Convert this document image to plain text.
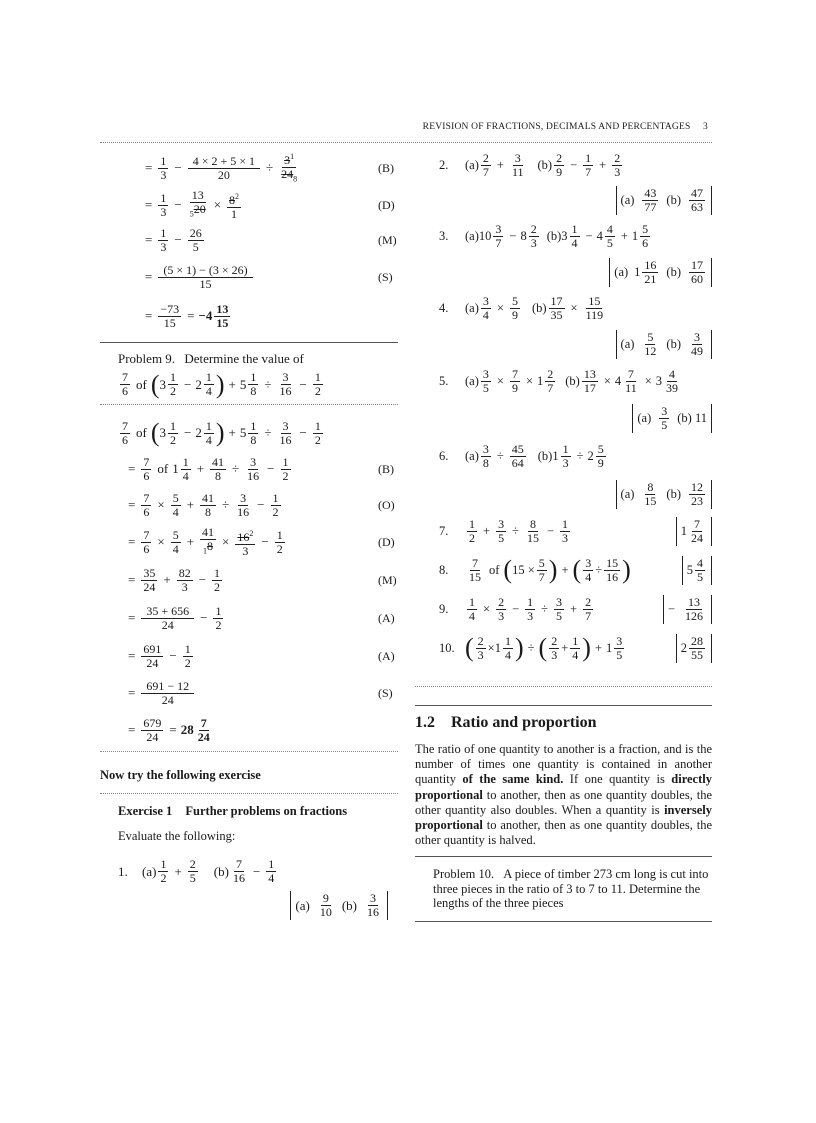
REVISION OF FRACTIONS, DECIMALS AND PERCENTAGES 3
= $\frac{1}{3} - \frac{4 \times 2 + 5 \times 1}{20} \div \frac{3^1}{24_8}$	(B)
= $\frac{1}{3} - \frac{13}{_520} \times \frac{8^2}{1}$	(D)
= $\frac{1}{3} - \frac{26}{5}$	(M)
= $\frac{(5 \times 1) - (3 \times 26)}{15}$	(S)
= $\frac{-73}{15} = -4 \frac{13}{15}$
Problem 9. Determine the value of
$\frac{7}{6}$ of ( $3 \frac{1}{2} - 2 \frac{1}{4}$ ) + $5 \frac{1}{8} \div \frac{3}{16} - \frac{1}{2}$
$\frac{7}{6}$ of ( $3 \frac{1}{2} - 2 \frac{1}{4}$ ) + $5 \frac{1}{8} \div \frac{3}{16} - \frac{1}{2}$
= $\frac{7}{6}$ of $1 \frac{1}{4} + \frac{41}{8} \div \frac{3}{16} - \frac{1}{2}$	(B)
= $\frac{7}{6} \times \frac{5}{4} + \frac{41}{8} \div \frac{3}{16} - \frac{1}{2}$	(O)
= $\frac{7}{6} \times \frac{5}{4} + \frac{41}{_18} \times \frac{16^2}{3} - \frac{1}{2}$	(D)
= $\frac{35}{24} + \frac{82}{3} - \frac{1}{2}$	(M)
= $\frac{35 + 656}{24} - \frac{1}{2}$	(A)
= $\frac{691}{24} - \frac{1}{2}$	(A)
= $\frac{691 - 12}{24}$	(S)
= $\frac{679}{24} = 28 \frac{7}{24}$
Now try the following exercise
Exercise 1 Further problems on fractions
Evaluate the following:
1.	$(a) \frac{1}{2} + \frac{2}{5} (b) \frac{7}{16} - \frac{1}{4}$
$(a) \frac{9}{10} (b) \frac{3}{16}$
2.	$(a) \frac{2}{7} + \frac{3}{11} (b) \frac{2}{9} - \frac{1}{7} + \frac{2}{3}$
$(a) \frac{43}{77} (b) \frac{47}{63}$
3.	(a) $10 \frac{3}{7} - 8 \frac{2}{3} (b)$ $3 \frac{1}{4} - 4 \frac{4}{5} + 1 \frac{5}{6}$
(a) $1 \frac{16}{21} (b) \frac{17}{60}$
4.	$(a) \frac{3}{4} \times \frac{5}{9} (b) \frac{17}{35} \times \frac{15}{119}$
$(a) \frac{5}{12} (b) \frac{3}{49}$
5.	$(a) \frac{3}{5} \times \frac{7}{9} \times 1 \frac{2}{7} (b) \frac{13}{17} \times 4 \frac{7}{11} \times 3 \frac{4}{39}$
$(a) \frac{3}{5} (b)$ 11
6.	$(a) \frac{3}{8} \div \frac{45}{64} (b)$ $1 \frac{1}{3} \div 2 \frac{5}{9}$
$(a) \frac{8}{15} (b) \frac{12}{23}$
7.	$\frac{1}{2} + \frac{3}{5} \div \frac{8}{15} - \frac{1}{3}$	$1 \frac{7}{24}$
8.	$\frac{7}{15}$ of ( $15 \times \frac{5}{7}$ ) + ( $\frac{3}{4} \div \frac{15}{16}$ )	$5 \frac{4}{5}$
9.	$\frac{1}{4} \times \frac{2}{3} - \frac{1}{3} \div \frac{3}{5} + \frac{2}{7}$	− $\frac{13}{126}$
10. ( $\frac{2}{3} \times 1 \frac{1}{4}$ ) ÷ ( $\frac{2}{3} + \frac{1}{4}$ ) + $1 \frac{3}{5}$	$2 \frac{28}{55}$
1.2 Ratio and proportion
The ratio of one quantity to another is a fraction, and is the number of times one quantity is contained in another quantity of the same kind. If one quantity is directly proportional to another, then as one quantity doubles, the other quantity also doubles. When a quantity is inversely proportional to another, then as one quantity doubles, the other quantity is halved.
Problem 10. A piece of timber 273 cm long is cut into three pieces in the ratio of 3 to 7 to 11. Determine the lengths of the three pieces
